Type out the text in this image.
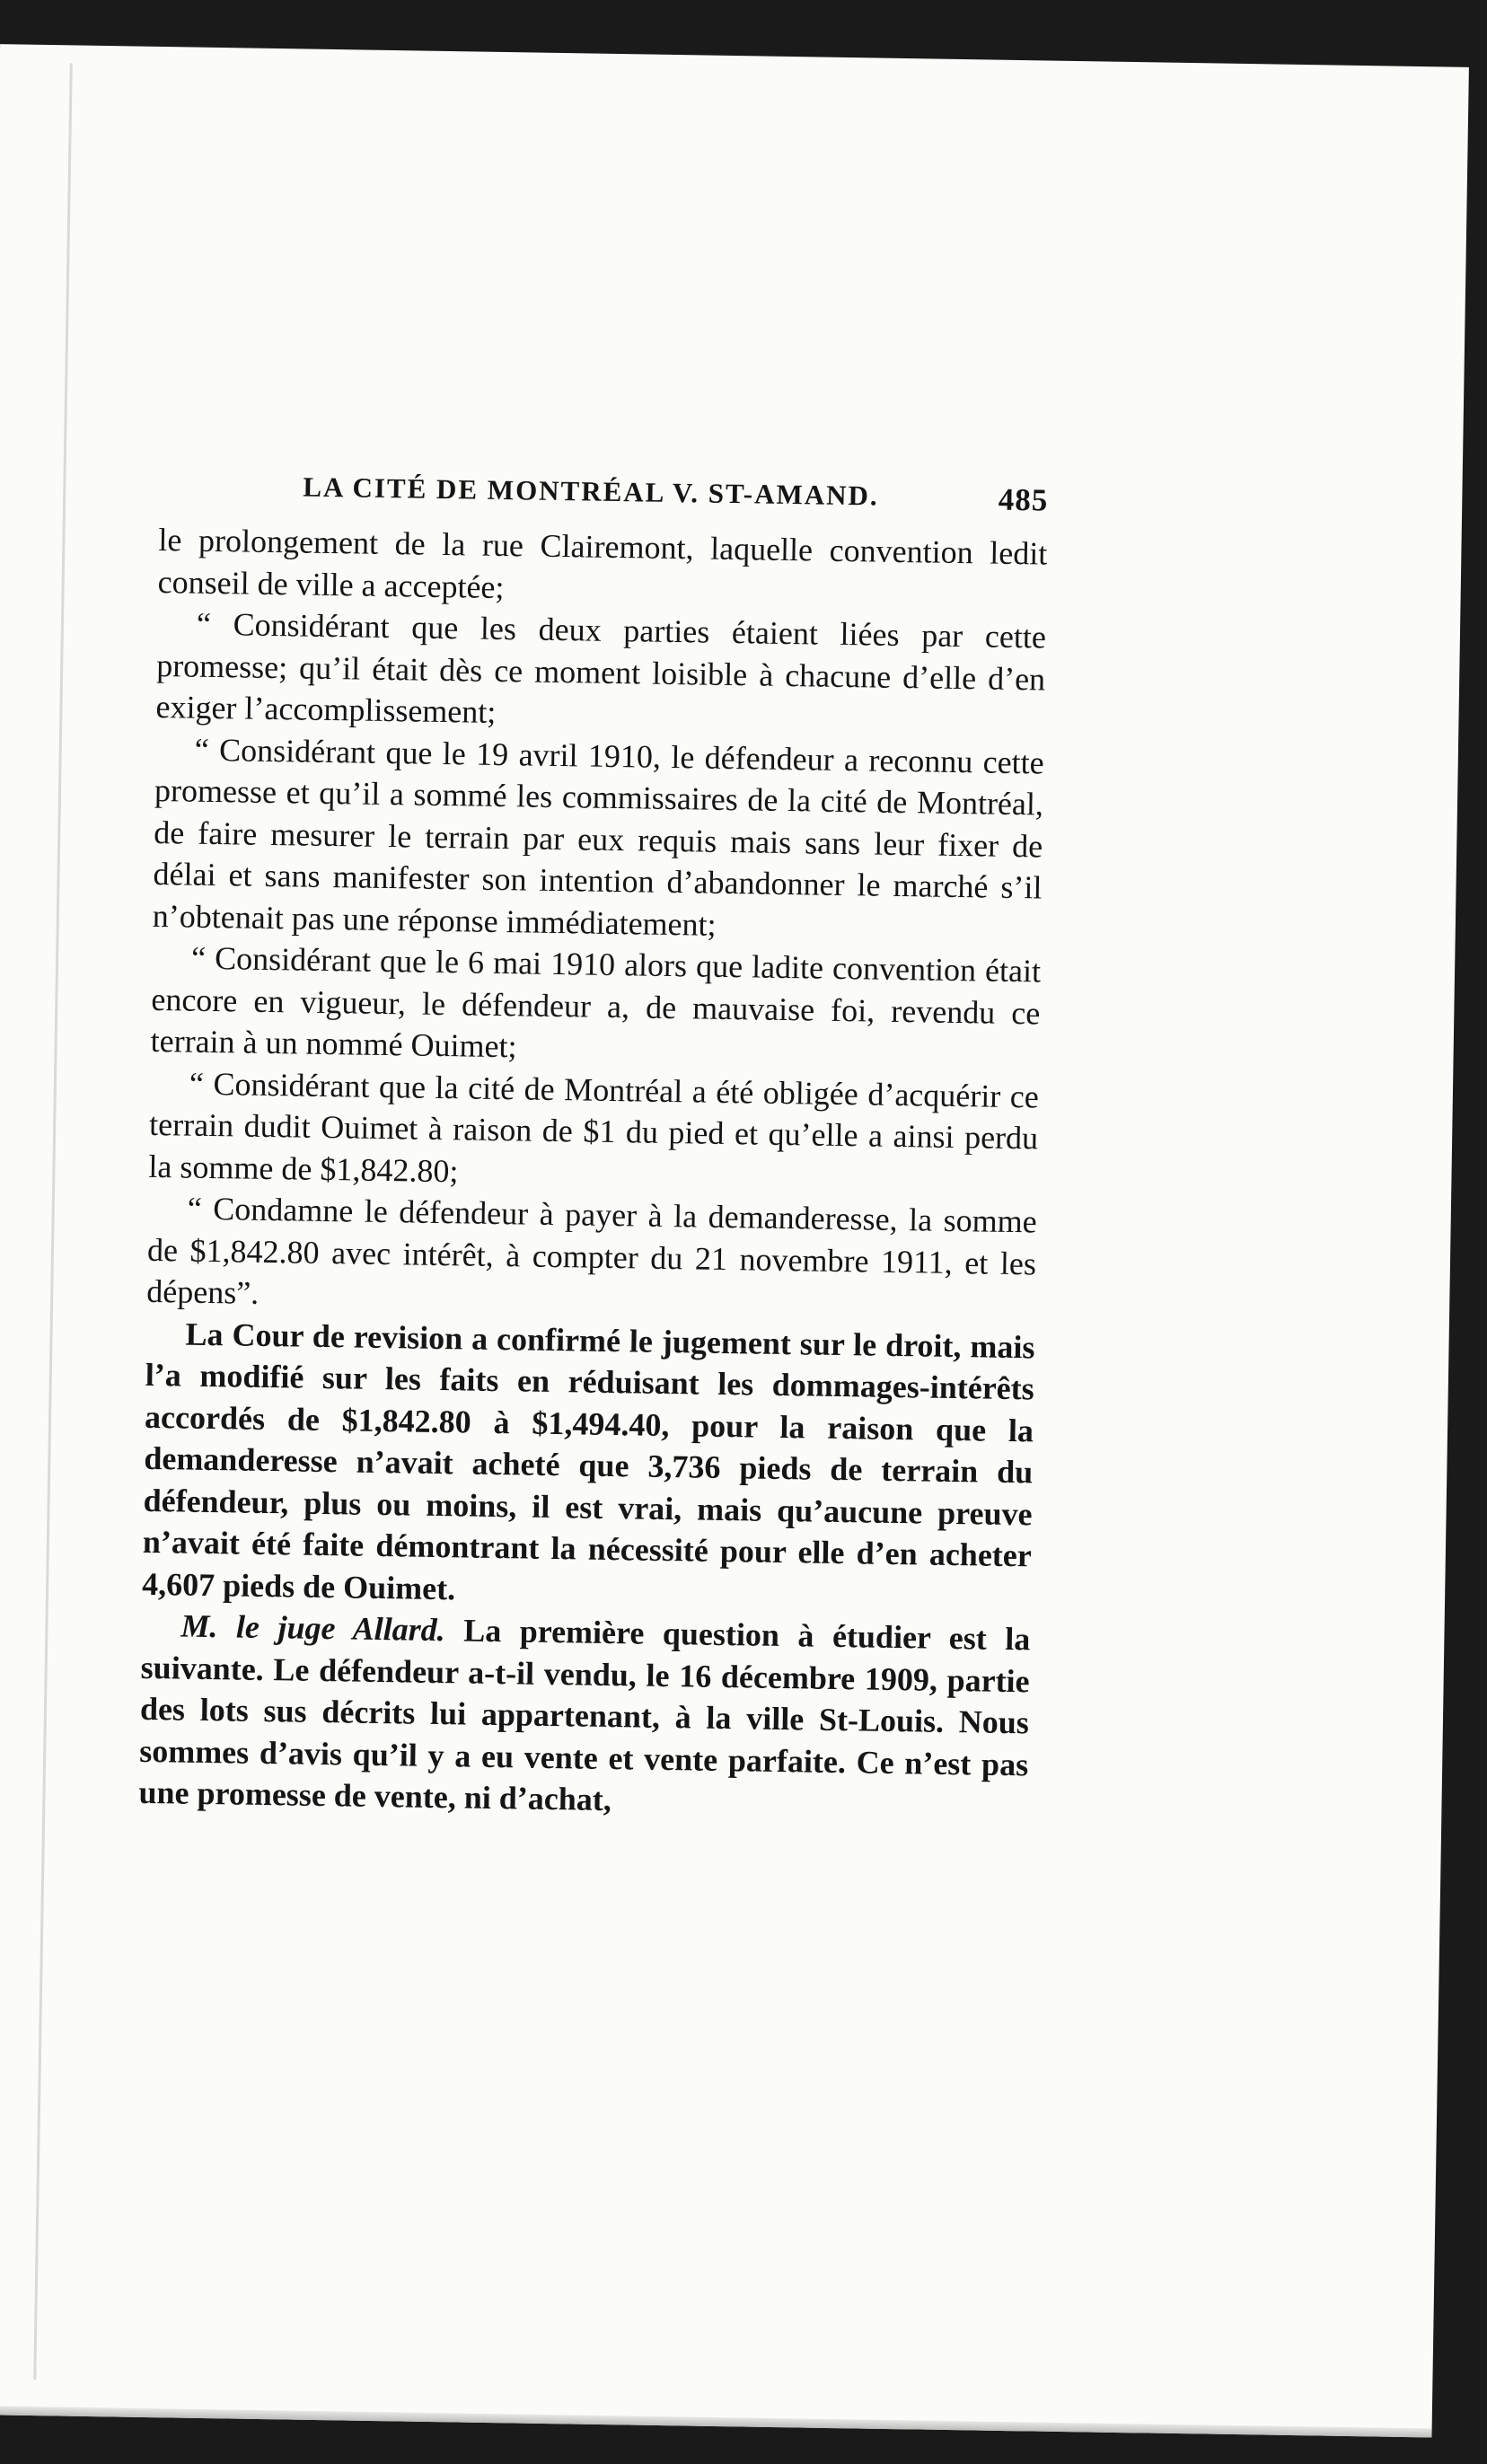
LA CITÉ DE MONTRÉAL V. ST-AMAND.	485

le prolongement de la rue Clairemont, laquelle convention ledit conseil de ville a acceptée;

“ Considérant que les deux parties étaient liées par cette promesse; qu’il était dès ce moment loisible à chacune d’elle d’en exiger l’accomplissement;

“ Considérant que le 19 avril 1910, le défendeur a reconnu cette promesse et qu’il a sommé les commissaires de la cité de Montréal, de faire mesurer le terrain par eux requis mais sans leur fixer de délai et sans manifester son intention d’abandonner le marché s’il n’obtenait pas une réponse immédiatement;

“ Considérant que le 6 mai 1910 alors que ladite convention était encore en vigueur, le défendeur a, de mauvaise foi, revendu ce terrain à un nommé Ouimet;

“ Considérant que la cité de Montréal a été obligée d’acquérir ce terrain dudit Ouimet à raison de $1 du pied et qu’elle a ainsi perdu la somme de $1,842.80;

“ Condamne le défendeur à payer à la demanderesse, la somme de $1,842.80 avec intérêt, à compter du 21 novembre 1911, et les dépens”.

La Cour de revision a confirmé le jugement sur le droit, mais l’a modifié sur les faits en réduisant les dommages-intérêts accordés de $1,842.80 à $1,494.40, pour la raison que la demanderesse n’avait acheté que 3,736 pieds de terrain du défendeur, plus ou moins, il est vrai, mais qu’aucune preuve n’avait été faite démontrant la nécessité pour elle d’en acheter 4,607 pieds de Ouimet.

M. le juge Allard. La première question à étudier est la suivante. Le défendeur a-t-il vendu, le 16 décembre 1909, partie des lots sus décrits lui appartenant, à la ville St-Louis. Nous sommes d’avis qu’il y a eu vente et vente parfaite. Ce n’est pas une promesse de vente, ni d’achat,
